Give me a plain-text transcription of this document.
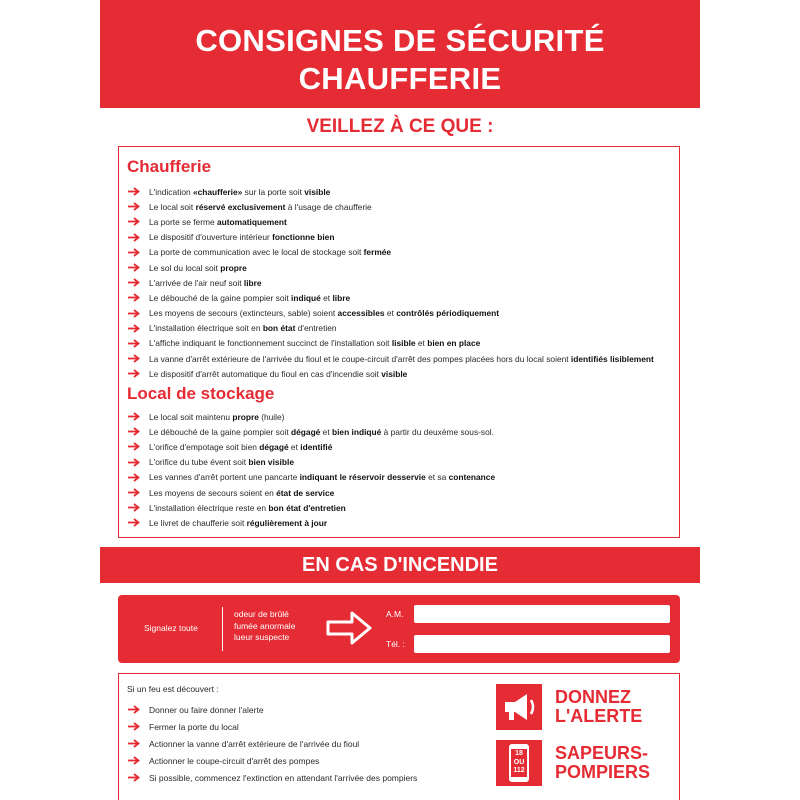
CONSIGNES DE SÉCURITÉ
CHAUFFERIE
VEILLEZ À CE QUE :
Chaufferie
L'indication «chaufferie» sur la porte soit visible
Le local soit réservé exclusivement à l'usage de chaufferie
La porte se ferme automatiquement
Le dispositif d'ouverture intérieur fonctionne bien
La porte de communication avec le local de stockage soit fermée
Le sol du local soit propre
L'arrivée de l'air neuf soit libre
Le débouché de la gaine pompier soit indiqué et libre
Les moyens de secours (extincteurs, sable) soient accessibles et contrôlés périodiquement
L'installation électrique soit en bon état d'entretien
L'affiche indiquant le fonctionnement succinct de l'installation soit lisible et bien en place
La vanne d'arrêt extérieure de l'arrivée du fioul et le coupe-circuit d'arrêt des pompes placées hors du local soient identifiés lisiblement
Le dispositif d'arrêt automatique du fioul en cas d'incendie soit visible
Local de stockage
Le local soit maintenu propre (huile)
Le débouché de la gaine pompier soit dégagé et bien indiqué à partir du deuxème sous-sol.
L'orifice d'empotage soit bien dégagé et identifié
L'orifice du tube évent soit bien visible
Les vannes d'arrêt portent une pancarte indiquant le réservoir desservie et sa contenance
Les moyens de secours soient en état de service
L'installation électrique reste en bon état d'entretien
Le livret de chaufferie soit régulièrement à jour
EN CAS D'INCENDIE
Signalez toute
odeur de brûlé
fumée anormale
lueur suspecte
A.M.
Tél. :
Si un feu est découvert :
Donner ou faire donner l'alerte
Fermer la porte du local
Actionner la vanne d'arrêt extérieure de l'arrivée du fioul
Actionner le coupe-circuit d'arrêt des pompes
Si possible, commencez l'extinction en attendant l'arrivée des pompiers
DONNEZ
L'ALERTE
18
OU
112
SAPEURS-
POMPIERS
